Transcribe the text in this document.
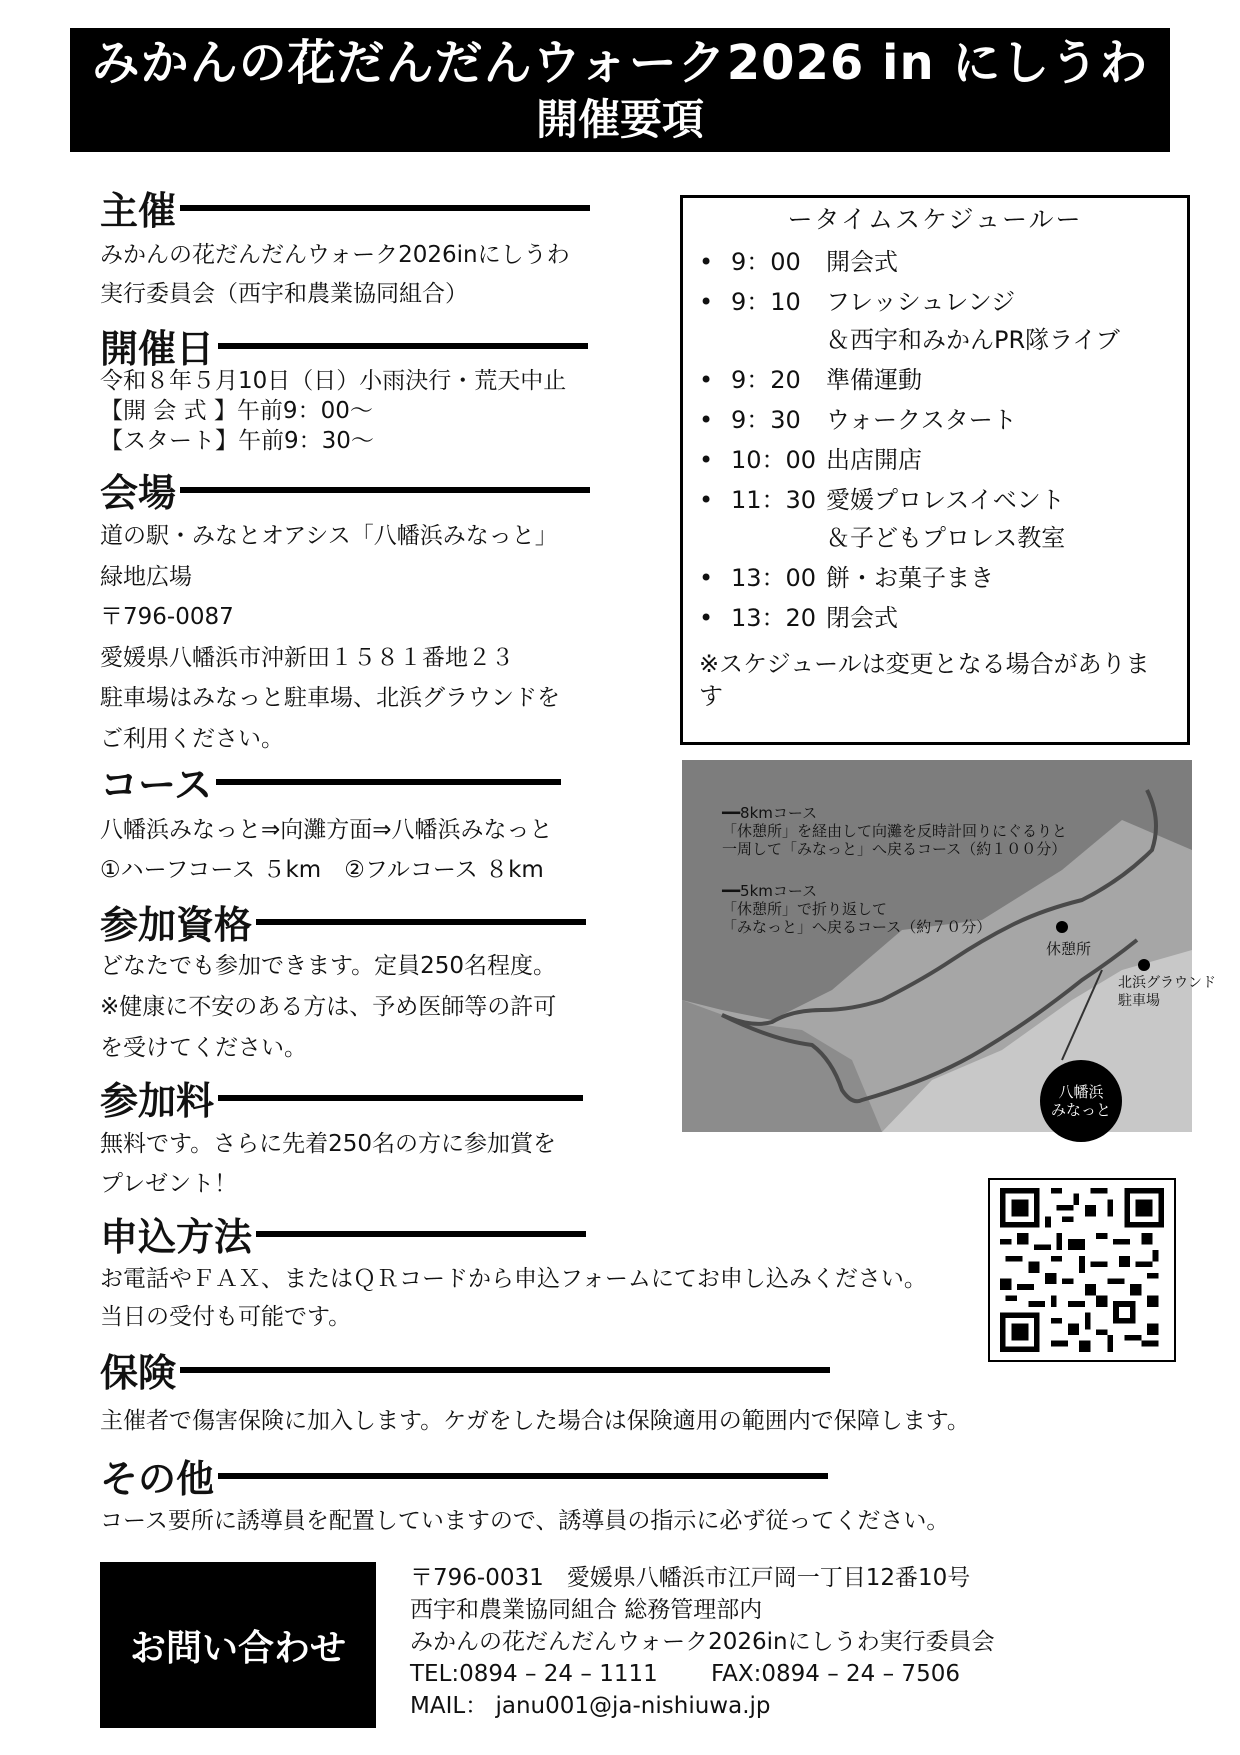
みかんの花だんだんウォーク2026 in にしうわ
開催要項
主催
みかんの花だんだんウォーク2026inにしうわ
実行委員会（西宇和農業協同組合）
開催日
令和８年５月10日（日）小雨決行・荒天中止
【開 会 式 】午前9：00～
【スタート】午前9：30～
会場
道の駅・みなとオアシス「八幡浜みなっと」
緑地広場
〒796-0087
愛媛県八幡浜市沖新田１５８１番地２３
駐車場はみなっと駐車場、北浜グラウンドを
ご利用ください。
コース
八幡浜みなっと⇒向灘方面⇒八幡浜みなっと
①ハーフコース ５km　②フルコース ８km
参加資格
どなたでも参加できます。定員250名程度。
※健康に不安のある方は、予め医師等の許可
を受けてください。
参加料
無料です。さらに先着250名の方に参加賞を
プレゼント！
申込方法
お電話やＦＡＸ、またはＱＲコードから申込フォームにてお申し込みください。
当日の受付も可能です。
保険
主催者で傷害保険に加入します。ケガをした場合は保険適用の範囲内で保障します。
その他
コース要所に誘導員を配置していますので、誘導員の指示に必ず従ってください。
ータイムスケジュールー
• 9：00	開会式
• 9：10	フレッシュレンジ
＆西宇和みかんPR隊ライブ
• 9：20	準備運動
• 9：30	ウォークスタート
• 10：00 出店開店
• 11：30 愛媛プロレスイベント
＆子どもプロレス教室
• 13：00 餅・お菓子まき
• 13：20 閉会式
※スケジュールは変更となる場合があります
━━8kmコース
「休憩所」を経由して向灘を反時計回りにぐるりと
一周して「みなっと」へ戻るコース（約１００分）
━━5kmコース
「休憩所」で折り返して
「みなっと」へ戻るコース（約７０分）
休憩所
北浜グラウンド
駐車場
八幡浜
みなっと
お問い合わせ
〒796-0031　愛媛県八幡浜市江戸岡一丁目12番10号
西宇和農業協同組合 総務管理部内
みかんの花だんだんウォーク2026inにしうわ実行委員会
TEL:0894 – 24 – 1111　　 FAX:0894 – 24 – 7506
MAIL： janu001@ja-nishiuwa.jp
